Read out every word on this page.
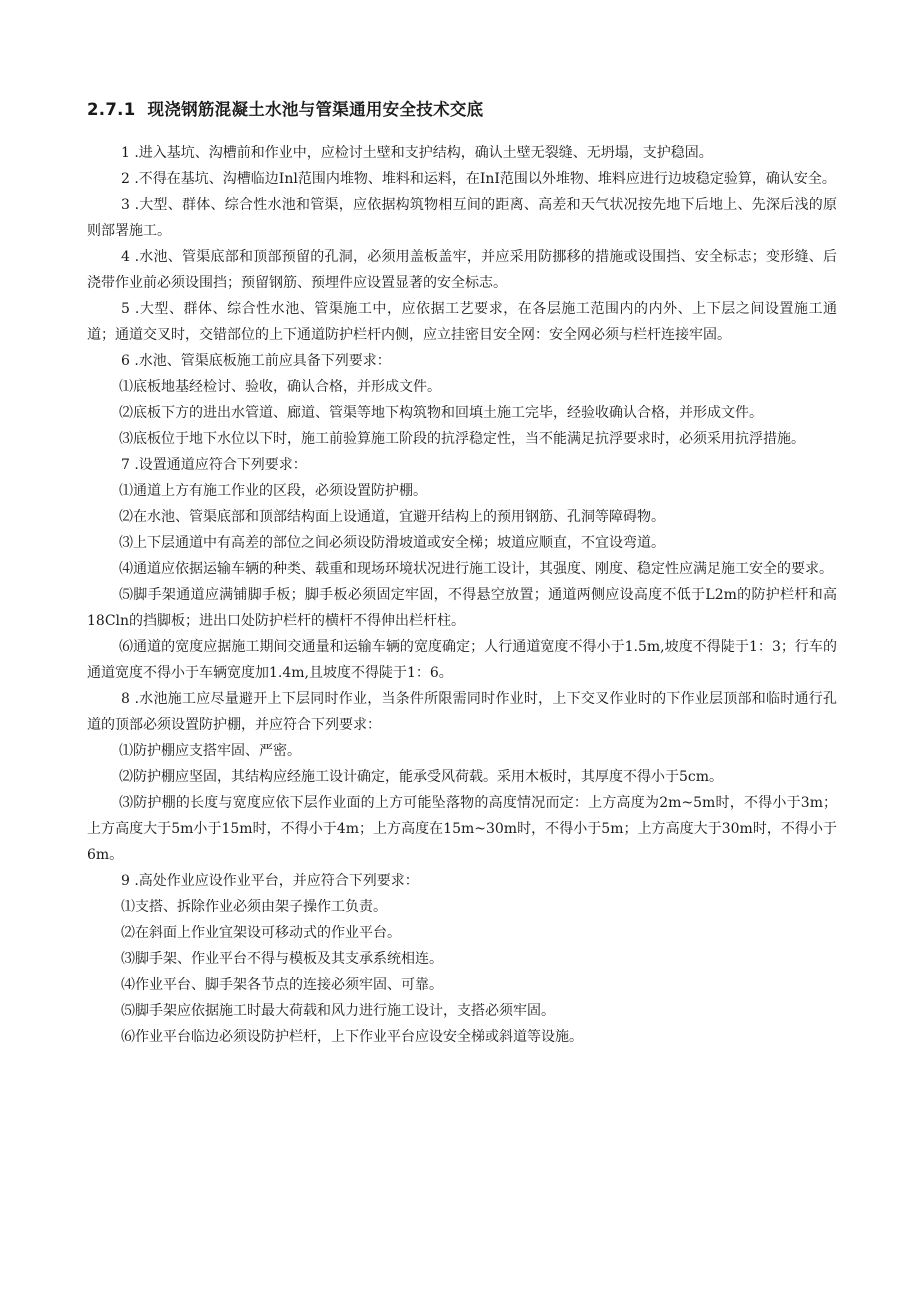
2.7.1 现浇钢筋混凝土水池与管渠通用安全技术交底

1 .进入基坑、沟槽前和作业中，应检讨土壁和支护结构，确认土壁无裂缝、无坍塌，支护稳固。

2 .不得在基坑、沟槽临边Inl范围内堆物、堆料和运料，在InI范围以外堆物、堆料应进行边坡稳定验算，确认安全。

3 .大型、群体、综合性水池和管渠，应依据构筑物相互间的距离、高差和天气状况按先地下后地上、先深后浅的原则部署施工。

4 .水池、管渠底部和顶部预留的孔洞，必须用盖板盖牢，并应采用防挪移的措施或设围挡、安全标志；变形缝、后浇带作业前必须设围挡；预留钢筋、预埋件应设置显著的安全标志。

5 .大型、群体、综合性水池、管渠施工中，应依据工艺要求，在各层施工范围内的内外、上下层之间设置施工通道；通道交叉时，交错部位的上下通道防护栏杆内侧，应立挂密目安全网：安全网必须与栏杆连接牢固。

6 .水池、管渠底板施工前应具备下列要求：

⑴底板地基经检讨、验收，确认合格，并形成文件。

⑵底板下方的进出水管道、廊道、管渠等地下构筑物和回填土施工完毕，经验收确认合格，并形成文件。

⑶底板位于地下水位以下时，施工前验算施工阶段的抗浮稳定性，当不能满足抗浮要求时，必须采用抗浮措施。

7 .设置通道应符合下列要求：

⑴通道上方有施工作业的区段，必须设置防护棚。

⑵在水池、管渠底部和顶部结构面上设通道，宜避开结构上的预用钢筋、孔洞等障碍物。

⑶上下层通道中有高差的部位之间必须设防滑坡道或安全梯；坡道应顺直，不宜设弯道。

⑷通道应依据运输车辆的种类、载重和现场环境状况进行施工设计，其强度、刚度、稳定性应满足施工安全的要求。

⑸脚手架通道应满铺脚手板；脚手板必须固定牢固，不得悬空放置；通道两侧应设高度不低于L2m的防护栏杆和高18Cln的挡脚板；进出口处防护栏杆的横杆不得伸出栏杆柱。

⑹通道的宽度应据施工期间交通量和运输车辆的宽度确定；人行通道宽度不得小于1.5m,坡度不得陡于1：3；行车的通道宽度不得小于车辆宽度加1.4m,且坡度不得陡于1：6。

8 .水池施工应尽量避开上下层同时作业，当条件所限需同时作业时，上下交叉作业时的下作业层顶部和临时通行孔道的顶部必须设置防护棚，并应符合下列要求：

⑴防护棚应支搭牢固、严密。

⑵防护棚应坚固，其结构应经施工设计确定，能承受风荷载。采用木板时，其厚度不得小于5cm。

⑶防护棚的长度与宽度应依下层作业面的上方可能坠落物的高度情况而定：上方高度为2m~5m时，不得小于3m；上方高度大于5m小于15m时，不得小于4m；上方高度在15m~30m时，不得小于5m；上方高度大于30m时，不得小于6m。

9 .高处作业应设作业平台，并应符合下列要求：

⑴支搭、拆除作业必须由架子操作工负责。

⑵在斜面上作业宜架设可移动式的作业平台。

⑶脚手架、作业平台不得与模板及其支承系统相连。

⑷作业平台、脚手架各节点的连接必须牢固、可靠。

⑸脚手架应依据施工时最大荷载和风力进行施工设计，支搭必须牢固。

⑹作业平台临边必须设防护栏杆，上下作业平台应设安全梯或斜道等设施。
